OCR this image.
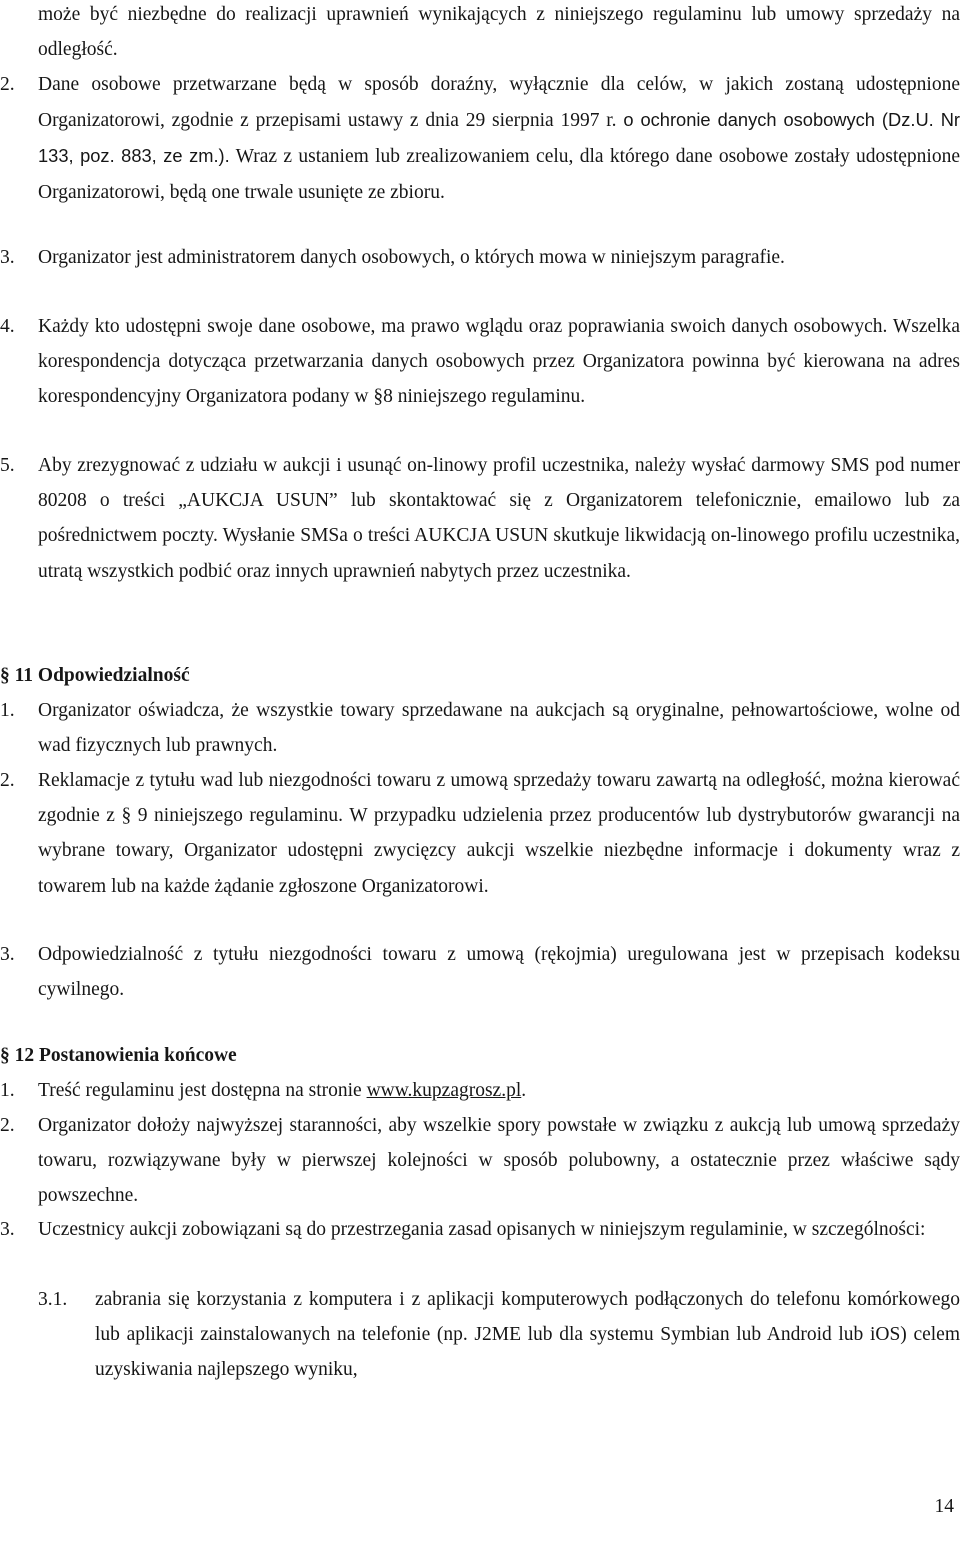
może być niezbędne do realizacji uprawnień wynikających z niniejszego regulaminu lub umowy sprzedaży na odległość.

2. Dane osobowe przetwarzane będą w sposób doraźny, wyłącznie dla celów, w jakich zostaną udostępnione Organizatorowi, zgodnie z przepisami ustawy z dnia 29 sierpnia 1997 r. o ochronie danych osobowych (Dz.U. Nr 133, poz. 883, ze zm.). Wraz z ustaniem lub zrealizowaniem celu, dla którego dane osobowe zostały udostępnione Organizatorowi, będą one trwale usunięte ze zbioru.
3. Organizator jest administratorem danych osobowych, o których mowa w niniejszym paragrafie.
4. Każdy kto udostępni swoje dane osobowe, ma prawo wglądu oraz poprawiania swoich danych osobowych. Wszelka korespondencja dotycząca przetwarzania danych osobowych przez Organizatora powinna być kierowana na adres korespondencyjny Organizatora podany w §8 niniejszego regulaminu.
5. Aby zrezygnować z udziału w aukcji i usunąć on-linowy profil uczestnika, należy wysłać darmowy SMS pod numer 80208 o treści „AUKCJA USUN” lub skontaktować się z Organizatorem telefonicznie, emailowo lub za pośrednictwem poczty. Wysłanie SMSa o treści AUKCJA USUN skutkuje likwidacją on-linowego profilu uczestnika, utratą wszystkich podbić oraz innych uprawnień nabytych przez uczestnika.
§ 11 Odpowiedzialność
1. Organizator oświadcza, że wszystkie towary sprzedawane na aukcjach są oryginalne, pełnowartościowe, wolne od wad fizycznych lub prawnych.
2. Reklamacje z tytułu wad lub niezgodności towaru z umową sprzedaży towaru zawartą na odległość, można kierować zgodnie z § 9 niniejszego regulaminu. W przypadku udzielenia przez producentów lub dystrybutorów gwarancji na wybrane towary, Organizator udostępni zwycięzcy aukcji wszelkie niezbędne informacje i dokumenty wraz z towarem lub na każde żądanie zgłoszone Organizatorowi.
3. Odpowiedzialność z tytułu niezgodności towaru z umową (rękojmia) uregulowana jest w przepisach kodeksu cywilnego.
§ 12 Postanowienia końcowe
1. Treść regulaminu jest dostępna na stronie www.kupzagrosz.pl.
2. Organizator dołoży najwyższej staranności, aby wszelkie spory powstałe w związku z aukcją lub umową sprzedaży towaru, rozwiązywane były w pierwszej kolejności w sposób polubowny, a ostatecznie przez właściwe sądy powszechne.
3. Uczestnicy aukcji zobowiązani są do przestrzegania zasad opisanych w niniejszym regulaminie, w szczególności:
3.1. zabrania się korzystania z komputera i z aplikacji komputerowych podłączonych do telefonu komórkowego lub aplikacji zainstalowanych na telefonie (np. J2ME lub dla systemu Symbian lub Android lub iOS) celem uzyskiwania najlepszego wyniku,
14
